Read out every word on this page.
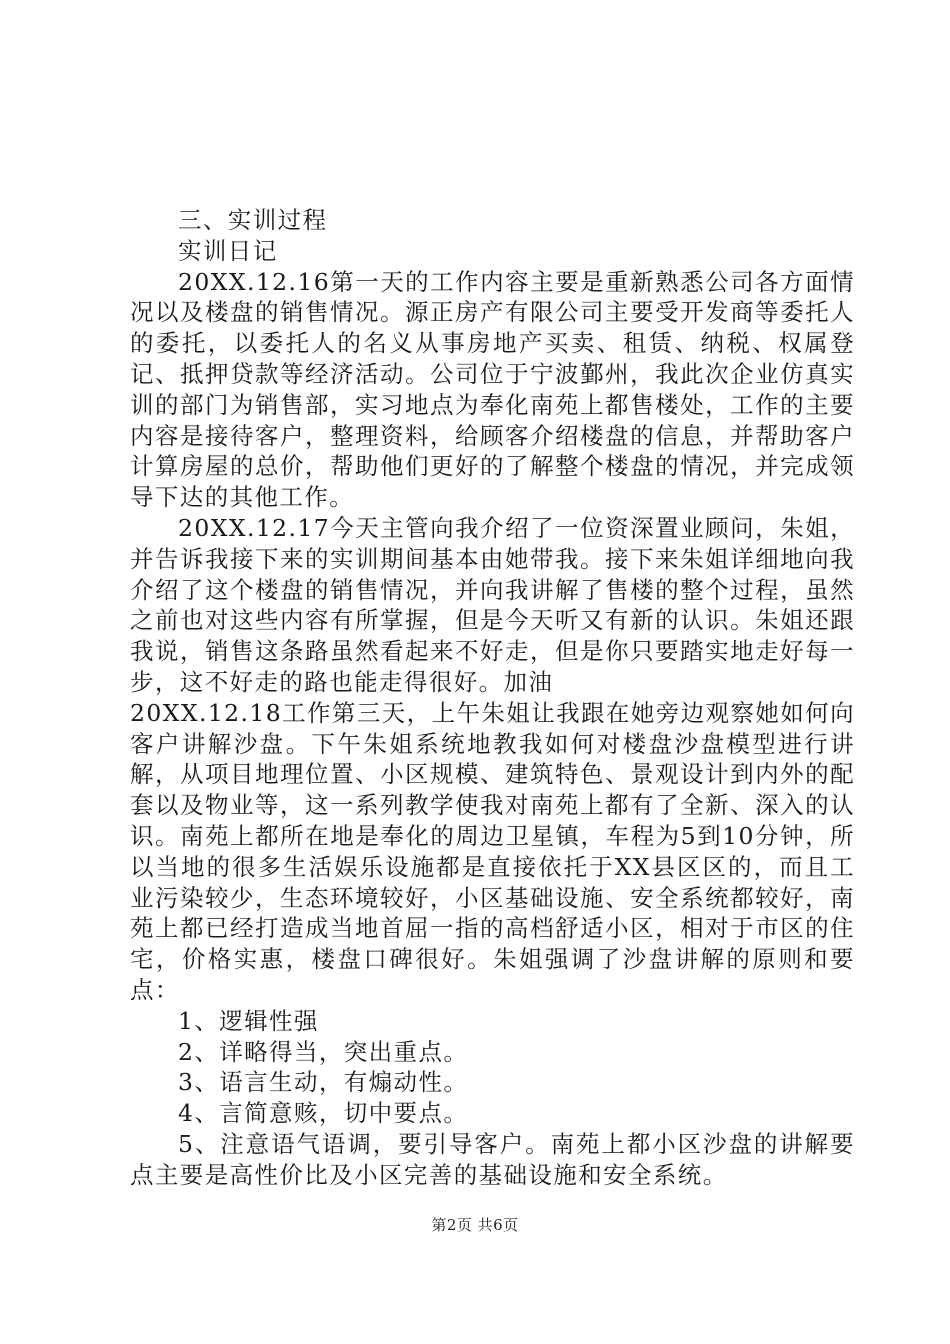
三、实训过程

实训日记

20XX.12.16第一天的工作内容主要是重新熟悉公司各方面情况以及楼盘的销售情况。源正房产有限公司主要受开发商等委托人的委托，以委托人的名义从事房地产买卖、租赁、纳税、权属登记、抵押贷款等经济活动。公司位于宁波鄞州，我此次企业仿真实训的部门为销售部，实习地点为奉化南苑上都售楼处，工作的主要内容是接待客户，整理资料，给顾客介绍楼盘的信息，并帮助客户计算房屋的总价，帮助他们更好的了解整个楼盘的情况，并完成领导下达的其他工作。

20XX.12.17今天主管向我介绍了一位资深置业顾问，朱姐，并告诉我接下来的实训期间基本由她带我。接下来朱姐详细地向我介绍了这个楼盘的销售情况，并向我讲解了售楼的整个过程，虽然之前也对这些内容有所掌握，但是今天听又有新的认识。朱姐还跟我说，销售这条路虽然看起来不好走，但是你只要踏实地走好每一步，这不好走的路也能走得很好。加油

20XX.12.18工作第三天，上午朱姐让我跟在她旁边观察她如何向客户讲解沙盘。下午朱姐系统地教我如何对楼盘沙盘模型进行讲解，从项目地理位置、小区规模、建筑特色、景观设计到内外的配套以及物业等，这一系列教学使我对南苑上都有了全新、深入的认识。南苑上都所在地是奉化的周边卫星镇，车程为5到10分钟，所以当地的很多生活娱乐设施都是直接依托于XX县区区的，而且工业污染较少，生态环境较好，小区基础设施、安全系统都较好，南苑上都已经打造成当地首屈一指的高档舒适小区，相对于市区的住宅，价格实惠，楼盘口碑很好。朱姐强调了沙盘讲解的原则和要点：

1、逻辑性强

2、详略得当，突出重点。

3、语言生动，有煽动性。

4、言简意赅，切中要点。

5、注意语气语调，要引导客户。南苑上都小区沙盘的讲解要点主要是高性价比及小区完善的基础设施和安全系统。

第2页 共6页
